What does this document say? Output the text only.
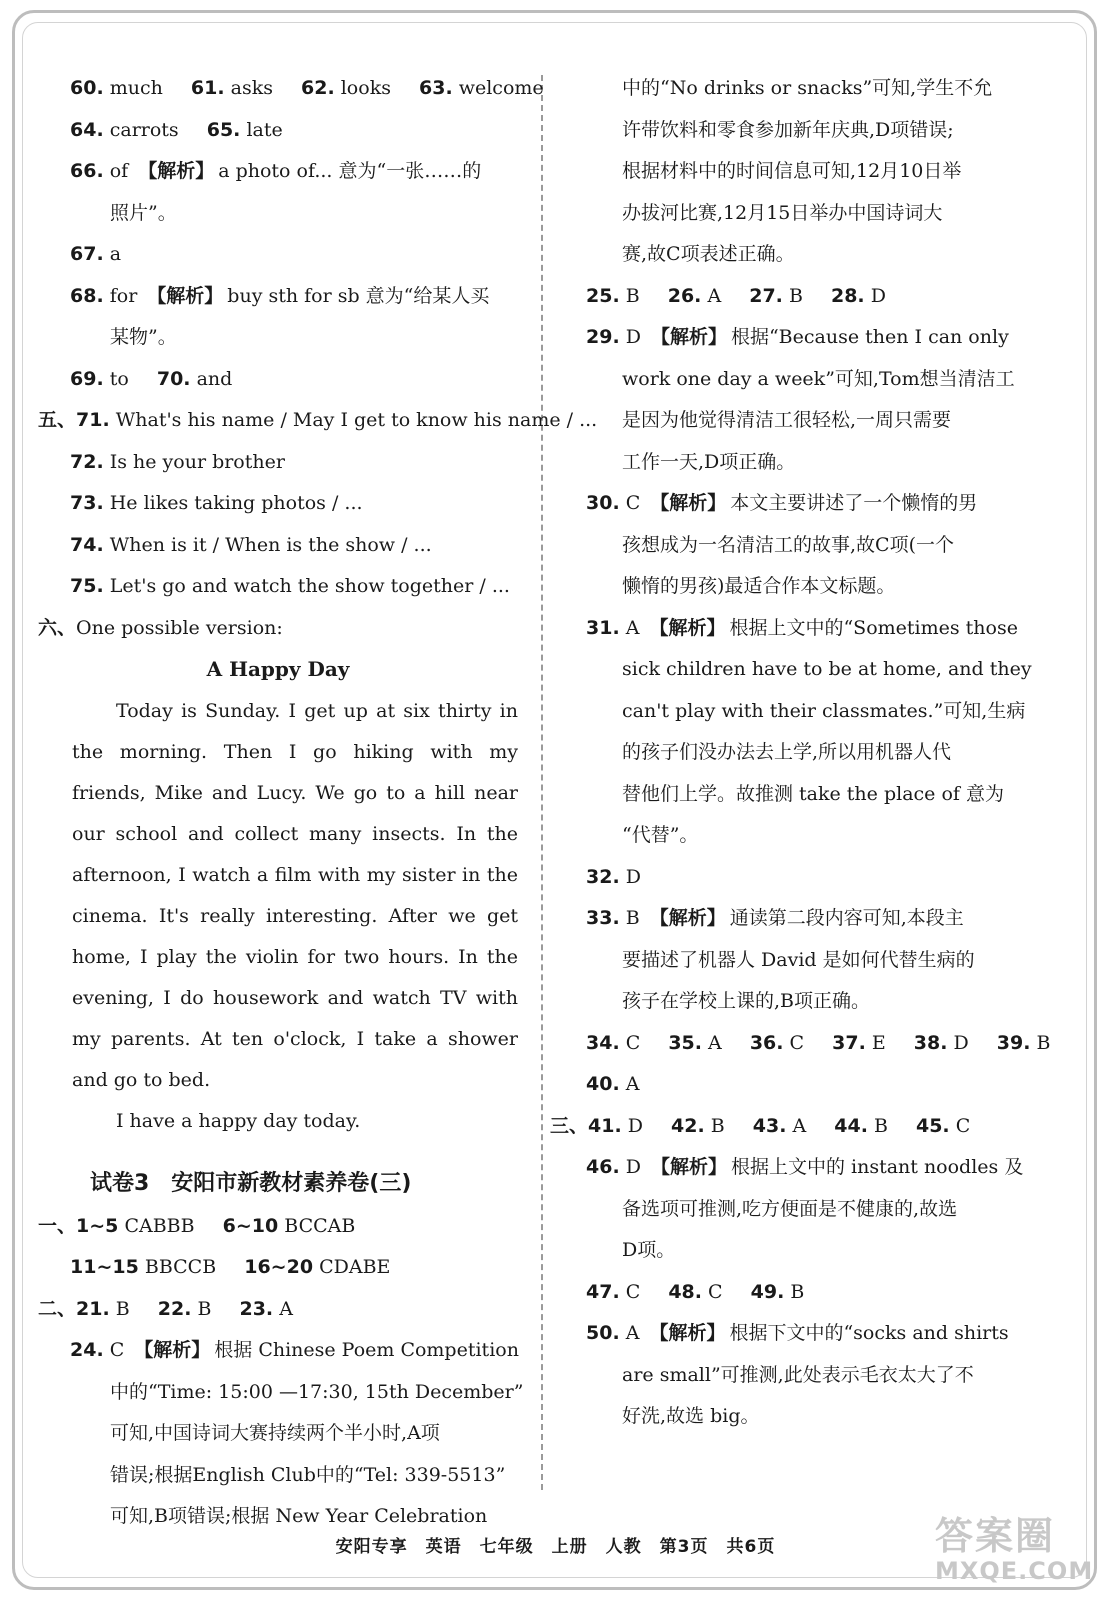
60. much 61. asks 62. looks 63. welcome
64. carrots 65. late
66. of 【解析】 a photo of... 意为“一张……的
照片”。
67. a
68. for 【解析】 buy sth for sb 意为“给某人买
某物”。
69. to 70. and
五、71. What's his name / May I get to know his name / ...
72. Is he your brother
73. He likes taking photos / ...
74. When is it / When is the show / ...
75. Let's go and watch the show together / ...
六、One possible version:
A Happy Day

Today is Sunday. I get up at six thirty in the morning. Then I go hiking with my friends, Mike and Lucy. We go to a hill near our school and collect many insects. In the afternoon, I watch a film with my sister in the cinema. It's really interesting. After we get home, I play the violin for two hours. In the evening, I do housework and watch TV with my parents. At ten o'clock, I take a shower and go to bed.

I have a happy day today.

试卷3　安阳市新教材素养卷(三)
一、1~5 CABBB 6~10 BCCAB
11~15 BBCCB 16~20 CDABE
二、21. B 22. B 23. A
24. C 【解析】 根据 Chinese Poem Competition
中的“Time: 15:00 —17:30, 15th December”
可知,中国诗词大赛持续两个半小时,A项
错误;根据English Club中的“Tel: 339-5513”
可知,B项错误;根据 New Year Celebration
中的“No drinks or snacks”可知,学生不允
许带饮料和零食参加新年庆典,D项错误;
根据材料中的时间信息可知,12月10日举
办拔河比赛,12月15日举办中国诗词大
赛,故C项表述正确。
25. B 26. A 27. B 28. D
29. D 【解析】 根据“Because then I can only
work one day a week”可知,Tom想当清洁工
是因为他觉得清洁工很轻松,一周只需要
工作一天,D项正确。
30. C 【解析】 本文主要讲述了一个懒惰的男
孩想成为一名清洁工的故事,故C项(一个
懒惰的男孩)最适合作本文标题。
31. A 【解析】 根据上文中的“Sometimes those
sick children have to be at home, and they
can't play with their classmates.”可知,生病
的孩子们没办法去上学,所以用机器人代
替他们上学。故推测 take the place of 意为
“代替”。
32. D
33. B 【解析】 通读第二段内容可知,本段主
要描述了机器人 David 是如何代替生病的
孩子在学校上课的,B项正确。
34. C 35. A 36. C 37. E 38. D 39. B
40. A
三、41. D 42. B 43. A 44. B 45. C
46. D 【解析】 根据上文中的 instant noodles 及
备选项可推测,吃方便面是不健康的,故选
D项。
47. C 48. C 49. B
50. A 【解析】 根据下文中的“socks and shirts
are small”可推测,此处表示毛衣太大了不
好洗,故选 big。
安阳专享　英语　七年级　上册　人教　第3页　共6页	答案圈
MXQE.COM
